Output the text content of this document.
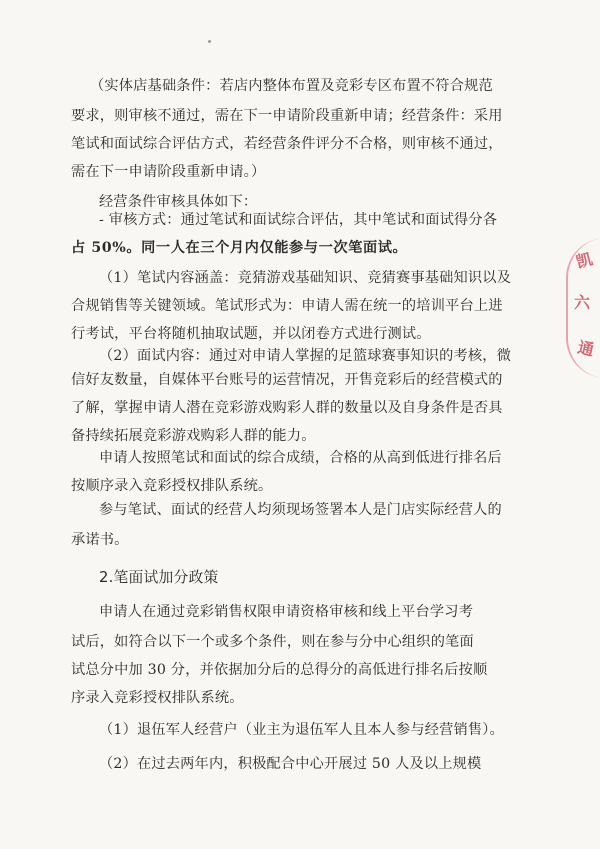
（实体店基础条件：若店内整体布置及竞彩专区布置不符合规范
要求，则审核不通过，需在下一申请阶段重新申请；经营条件：采用
笔试和面试综合评估方式，若经营条件评分不合格，则审核不通过，
需在下一申请阶段重新申请。）
经营条件审核具体如下：
- 审核方式：通过笔试和面试综合评估，其中笔试和面试得分各
占 50%。同一人在三个月内仅能参与一次笔面试。
（1）笔试内容涵盖：竞猜游戏基础知识、竞猜赛事基础知识以及
合规销售等关键领域。笔试形式为：申请人需在统一的培训平台上进
行考试，平台将随机抽取试题，并以闭卷方式进行测试。
（2）面试内容：通过对申请人掌握的足篮球赛事知识的考核，微
信好友数量，自媒体平台账号的运营情况，开售竞彩后的经营模式的
了解，掌握申请人潜在竞彩游戏购彩人群的数量以及自身条件是否具
备持续拓展竞彩游戏购彩人群的能力。
申请人按照笔试和面试的综合成绩，合格的从高到低进行排名后
按顺序录入竞彩授权排队系统。
参与笔试、面试的经营人均须现场签署本人是门店实际经营人的
承诺书。
2.笔面试加分政策
申请人在通过竞彩销售权限申请资格审核和线上平台学习考
试后，如符合以下一个或多个条件，则在参与分中心组织的笔面
试总分中加 30 分，并依据加分后的总得分的高低进行排名后按顺
序录入竞彩授权排队系统。
（1）退伍军人经营户（业主为退伍军人且本人参与经营销售）。
（2）在过去两年内，积极配合中心开展过 50 人及以上规模
凯
六
通
